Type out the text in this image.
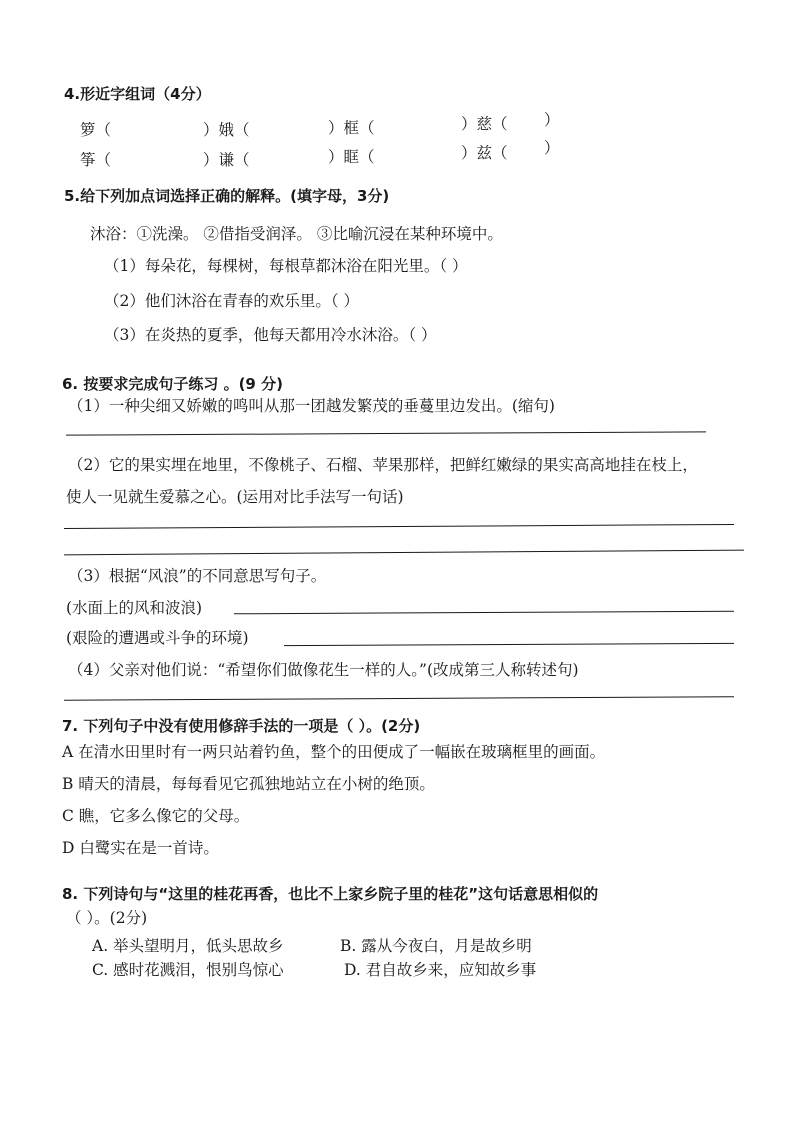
4.形近字组词（4分）
箩（	）娥（	）框（	）慈（ ）
筝（	）谦（	）眶（	）兹（ ）
5.给下列加点词选择正确的解释。(填字母，3分)
沐浴：①洗澡。 ②借指受润泽。 ③比喻沉浸在某种环境中。
（1）每朵花，每棵树，每根草都沐浴在阳光里。（ ）
（2）他们沐浴在青春的欢乐里。（ ）
（3）在炎热的夏季，他每天都用冷水沐浴。（ ）
6. 按要求完成句子练习 。(9 分)
（1）一种尖细又娇嫩的鸣叫从那一团越发繁茂的垂蔓里边发出。(缩句)
（2）它的果实埋在地里，不像桃子、石榴、苹果那样，把鲜红嫩绿的果实高高地挂在枝上，
使人一见就生爱慕之心。(运用对比手法写一句话)
（3）根据“风浪”的不同意思写句子。
(水面上的风和波浪)
(艰险的遭遇或斗争的环境)
（4）父亲对他们说：“希望你们做像花生一样的人。”(改成第三人称转述句)
7. 下列句子中没有使用修辞手法的一项是（ ）。(2分)
A 在清水田里时有一两只站着钓鱼，整个的田便成了一幅嵌在玻璃框里的画面。
B 晴天的清晨，每每看见它孤独地站立在小树的绝顶。
C 瞧，它多么像它的父母。
D 白鹭实在是一首诗。
8. 下列诗句与“这里的桂花再香，也比不上家乡院子里的桂花”这句话意思相似的
（ ）。(2分)
A. 举头望明月，低头思故乡	B. 露从今夜白，月是故乡明
C. 感时花溅泪，恨别鸟惊心	D. 君自故乡来，应知故乡事
